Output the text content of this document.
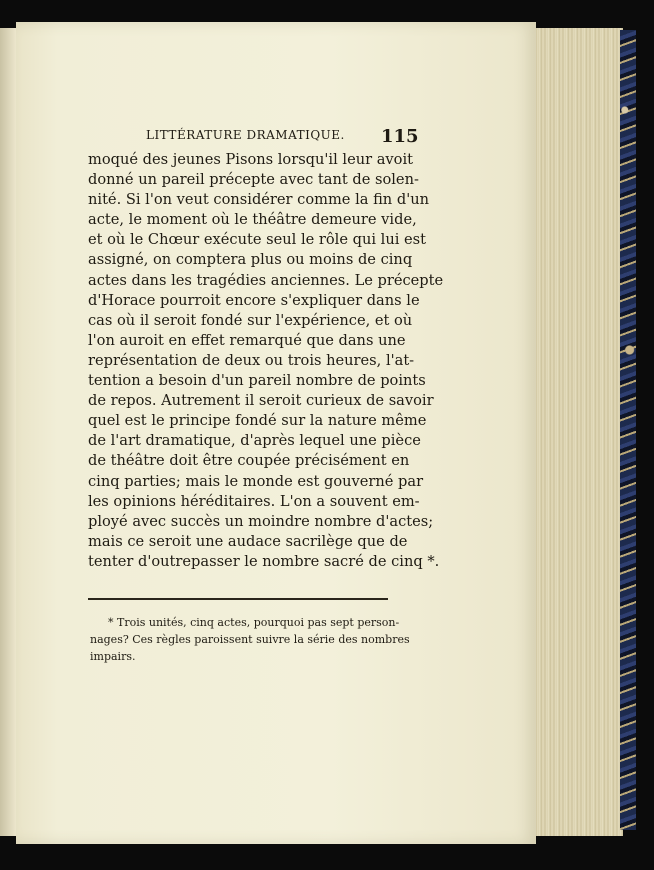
LITTÉRATURE DRAMATIQUE.	115
moqué des jeunes Pisons lorsqu'il leur avoit
donné un pareil précepte avec tant de solen-
nité. Si l'on veut considérer comme la fin d'un
acte, le moment où le théâtre demeure vide,
et où le Chœur exécute seul le rôle qui lui est
assigné, on comptera plus ou moins de cinq
actes dans les tragédies anciennes. Le précepte
d'Horace pourroit encore s'expliquer dans le
cas où il seroit fondé sur l'expérience, et où
l'on auroit en effet remarqué que dans une
représentation de deux ou trois heures, l'at-
tention a besoin d'un pareil nombre de points
de repos. Autrement il seroit curieux de savoir
quel est le principe fondé sur la nature même
de l'art dramatique, d'après lequel une pièce
de théâtre doit être coupée précisément en
cinq parties; mais le monde est gouverné par
les opinions héréditaires. L'on a souvent em-
ployé avec succès un moindre nombre d'actes;
mais ce seroit une audace sacrilège que de
tenter d'outrepasser le nombre sacré de cinq *.
* Trois unités, cinq actes, pourquoi pas sept person-
nages? Ces règles paroissent suivre la série des nombres
impairs.
